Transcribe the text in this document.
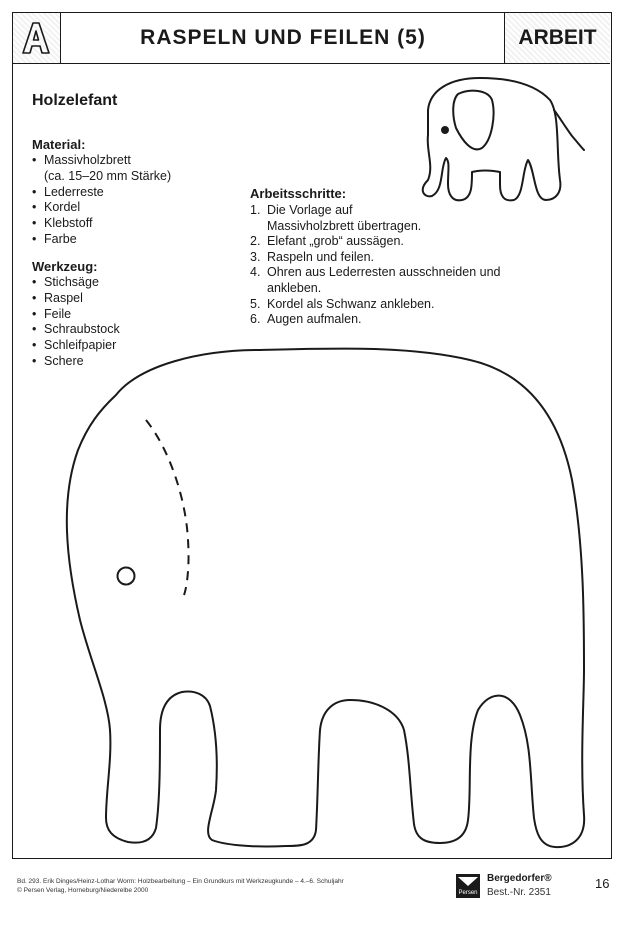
A
RASPELN UND FEILEN (5)	ARBEIT
Holzelefant
Material:
• Massivholzbrett
(ca. 15–20 mm Stärke)
• Lederreste
• Kordel
• Klebstoff
• Farbe
Werkzeug:
• Stichsäge
• Raspel
• Feile
• Schraubstock
• Schleifpapier
• Schere
Arbeitsschritte:
1. Die Vorlage auf
Massivholzbrett übertragen.
2. Elefant „grob“ aussägen.
3. Raspeln und feilen.
4. Ohren aus Lederresten ausschneiden und
ankleben.
5. Kordel als Schwanz ankleben.
6. Augen aufmalen.
Bd. 293. Erik Dinges/Heinz-Lothar Worm: Holzbearbeitung – Ein Grundkurs mit Werkzeugkunde – 4.–6. Schuljahr
© Persen Verlag, Horneburg/Niederelbe 2000	Persen
Bergedorfer®
Best.-Nr. 2351
16
